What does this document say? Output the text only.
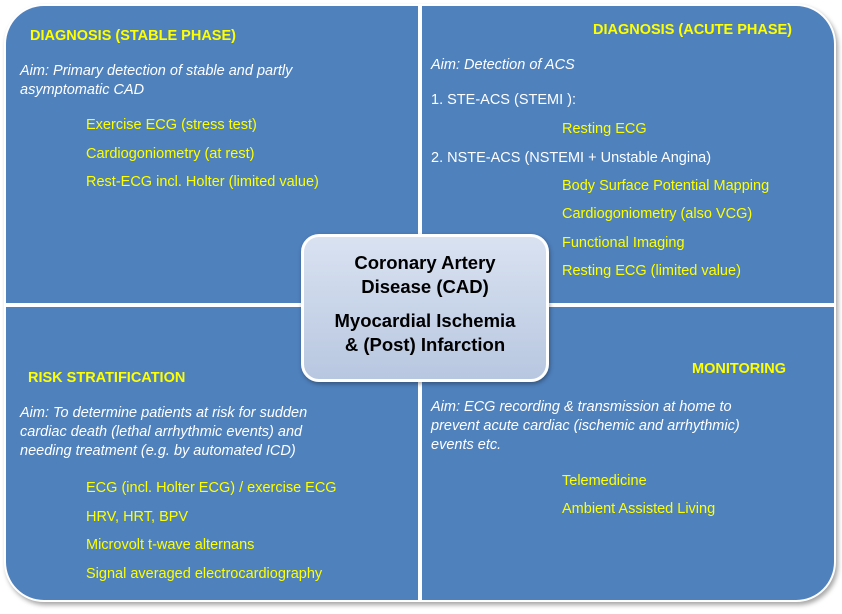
DIAGNOSIS (STABLE PHASE)
Aim: Primary detection of stable and partly
asymptomatic CAD
Exercise ECG (stress test)
Cardiogoniometry (at rest)
Rest-ECG incl. Holter (limited value)
DIAGNOSIS (ACUTE PHASE)
Aim: Detection of ACS
1. STE-ACS (STEMI ):
Resting ECG
2. NSTE-ACS (NSTEMI + Unstable Angina)
Body Surface Potential Mapping
Cardiogoniometry (also VCG)
Functional Imaging
Resting ECG (limited value)
RISK STRATIFICATION
Aim: To determine patients at risk for sudden
cardiac death (lethal arrhythmic events) and
needing treatment (e.g. by automated ICD)
ECG (incl. Holter ECG) / exercise ECG
HRV, HRT, BPV
Microvolt t-wave alternans
Signal averaged electrocardiography
MONITORING
Aim: ECG recording & transmission at home to
prevent acute cardiac (ischemic and arrhythmic)
events etc.
Telemedicine
Ambient Assisted Living
Coronary Artery
Disease (CAD)
Myocardial Ischemia
& (Post) Infarction
